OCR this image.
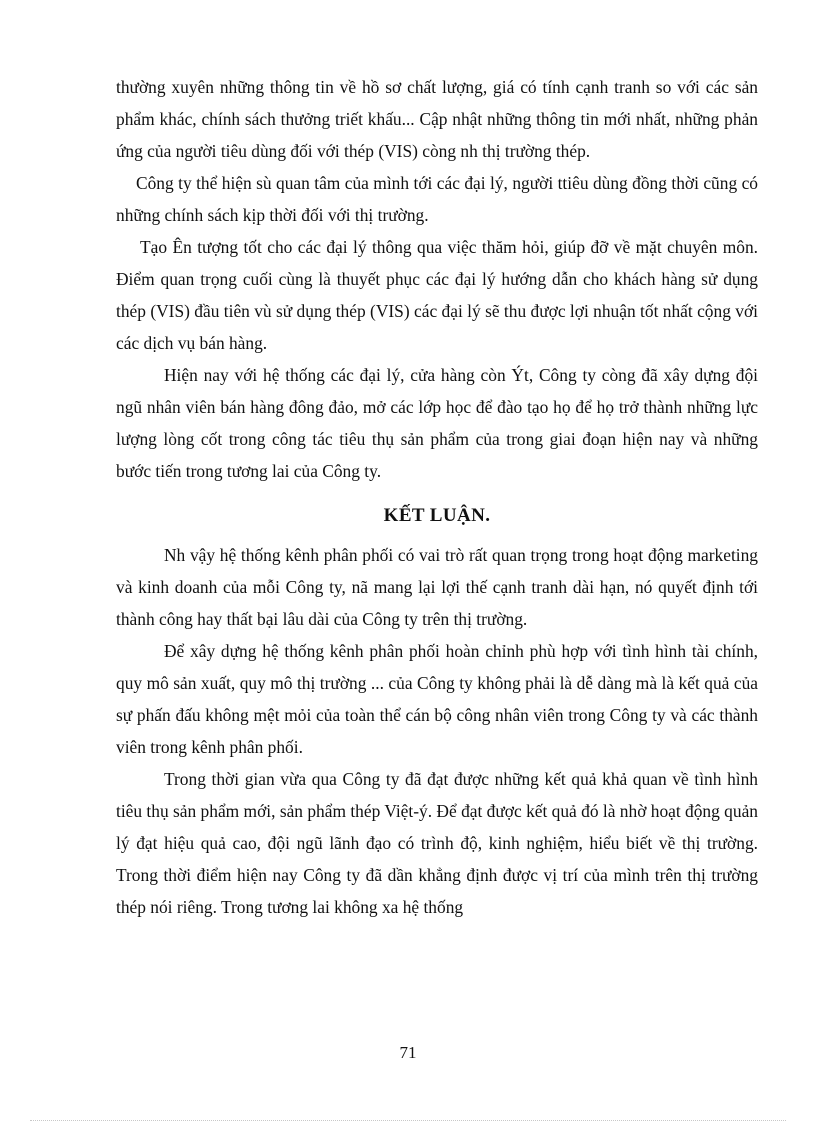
thường xuyên những thông tin về hồ sơ chất lượng, giá có tính cạnh tranh so với các sản phẩm khác, chính sách thưởng triết khấu... Cập nhật những thông tin mới nhất, những phản ứng của người tiêu dùng đối với thép (VIS) còng nh thị trường thép.

Công ty thể hiện sù quan tâm của mình tới các đại lý, người ttiêu dùng đồng thời cũng có những chính sách kịp thời đối với thị trường.

Tạo Ên tượng tốt cho các đại lý thông qua việc thăm hỏi, giúp đỡ về mặt chuyên môn. Điểm quan trọng cuối cùng là thuyết phục các đại lý hướng dẫn cho khách hàng sử dụng thép (VIS) đầu tiên vù sử dụng thép (VIS) các đại lý sẽ thu được lợi nhuận tốt nhất cộng với các dịch vụ bán hàng.

Hiện nay với hệ thống các đại lý, cửa hàng còn Ýt, Công ty còng đã xây dựng đội ngũ nhân viên bán hàng đông đảo, mở các lớp học để đào tạo họ để họ trở thành những lực lượng lòng cốt trong công tác tiêu thụ sản phẩm của trong giai đoạn hiện nay và những bước tiến trong tương lai của Công ty.

KẾT LUẬN.

Nh vậy hệ thống kênh phân phối có vai trò rất quan trọng trong hoạt động marketing và kinh doanh của mỗi Công ty, nã mang lại lợi thế cạnh tranh dài hạn, nó quyết định tới thành công hay thất bại lâu dài của Công ty trên thị trường.

Để xây dựng hệ thống kênh phân phối hoàn chỉnh phù hợp với tình hình tài chính, quy mô sản xuất, quy mô thị trường ... của Công ty không phải là dễ dàng mà là kết quả của sự phấn đấu không mệt mỏi của toàn thể cán bộ công nhân viên trong Công ty và các thành viên trong kênh phân phối.

Trong thời gian vừa qua Công ty đã đạt được những kết quả khả quan về tình hình tiêu thụ sản phẩm mới, sản phẩm thép Việt-ý. Để đạt được kết quả đó là nhờ hoạt động quản lý đạt hiệu quả cao, đội ngũ lãnh đạo có trình độ, kinh nghiệm, hiểu biết về thị trường. Trong thời điểm hiện nay Công ty đã dần khẳng định được vị trí của mình trên thị trường thép nói riêng. Trong tương lai không xa hệ thống

71
